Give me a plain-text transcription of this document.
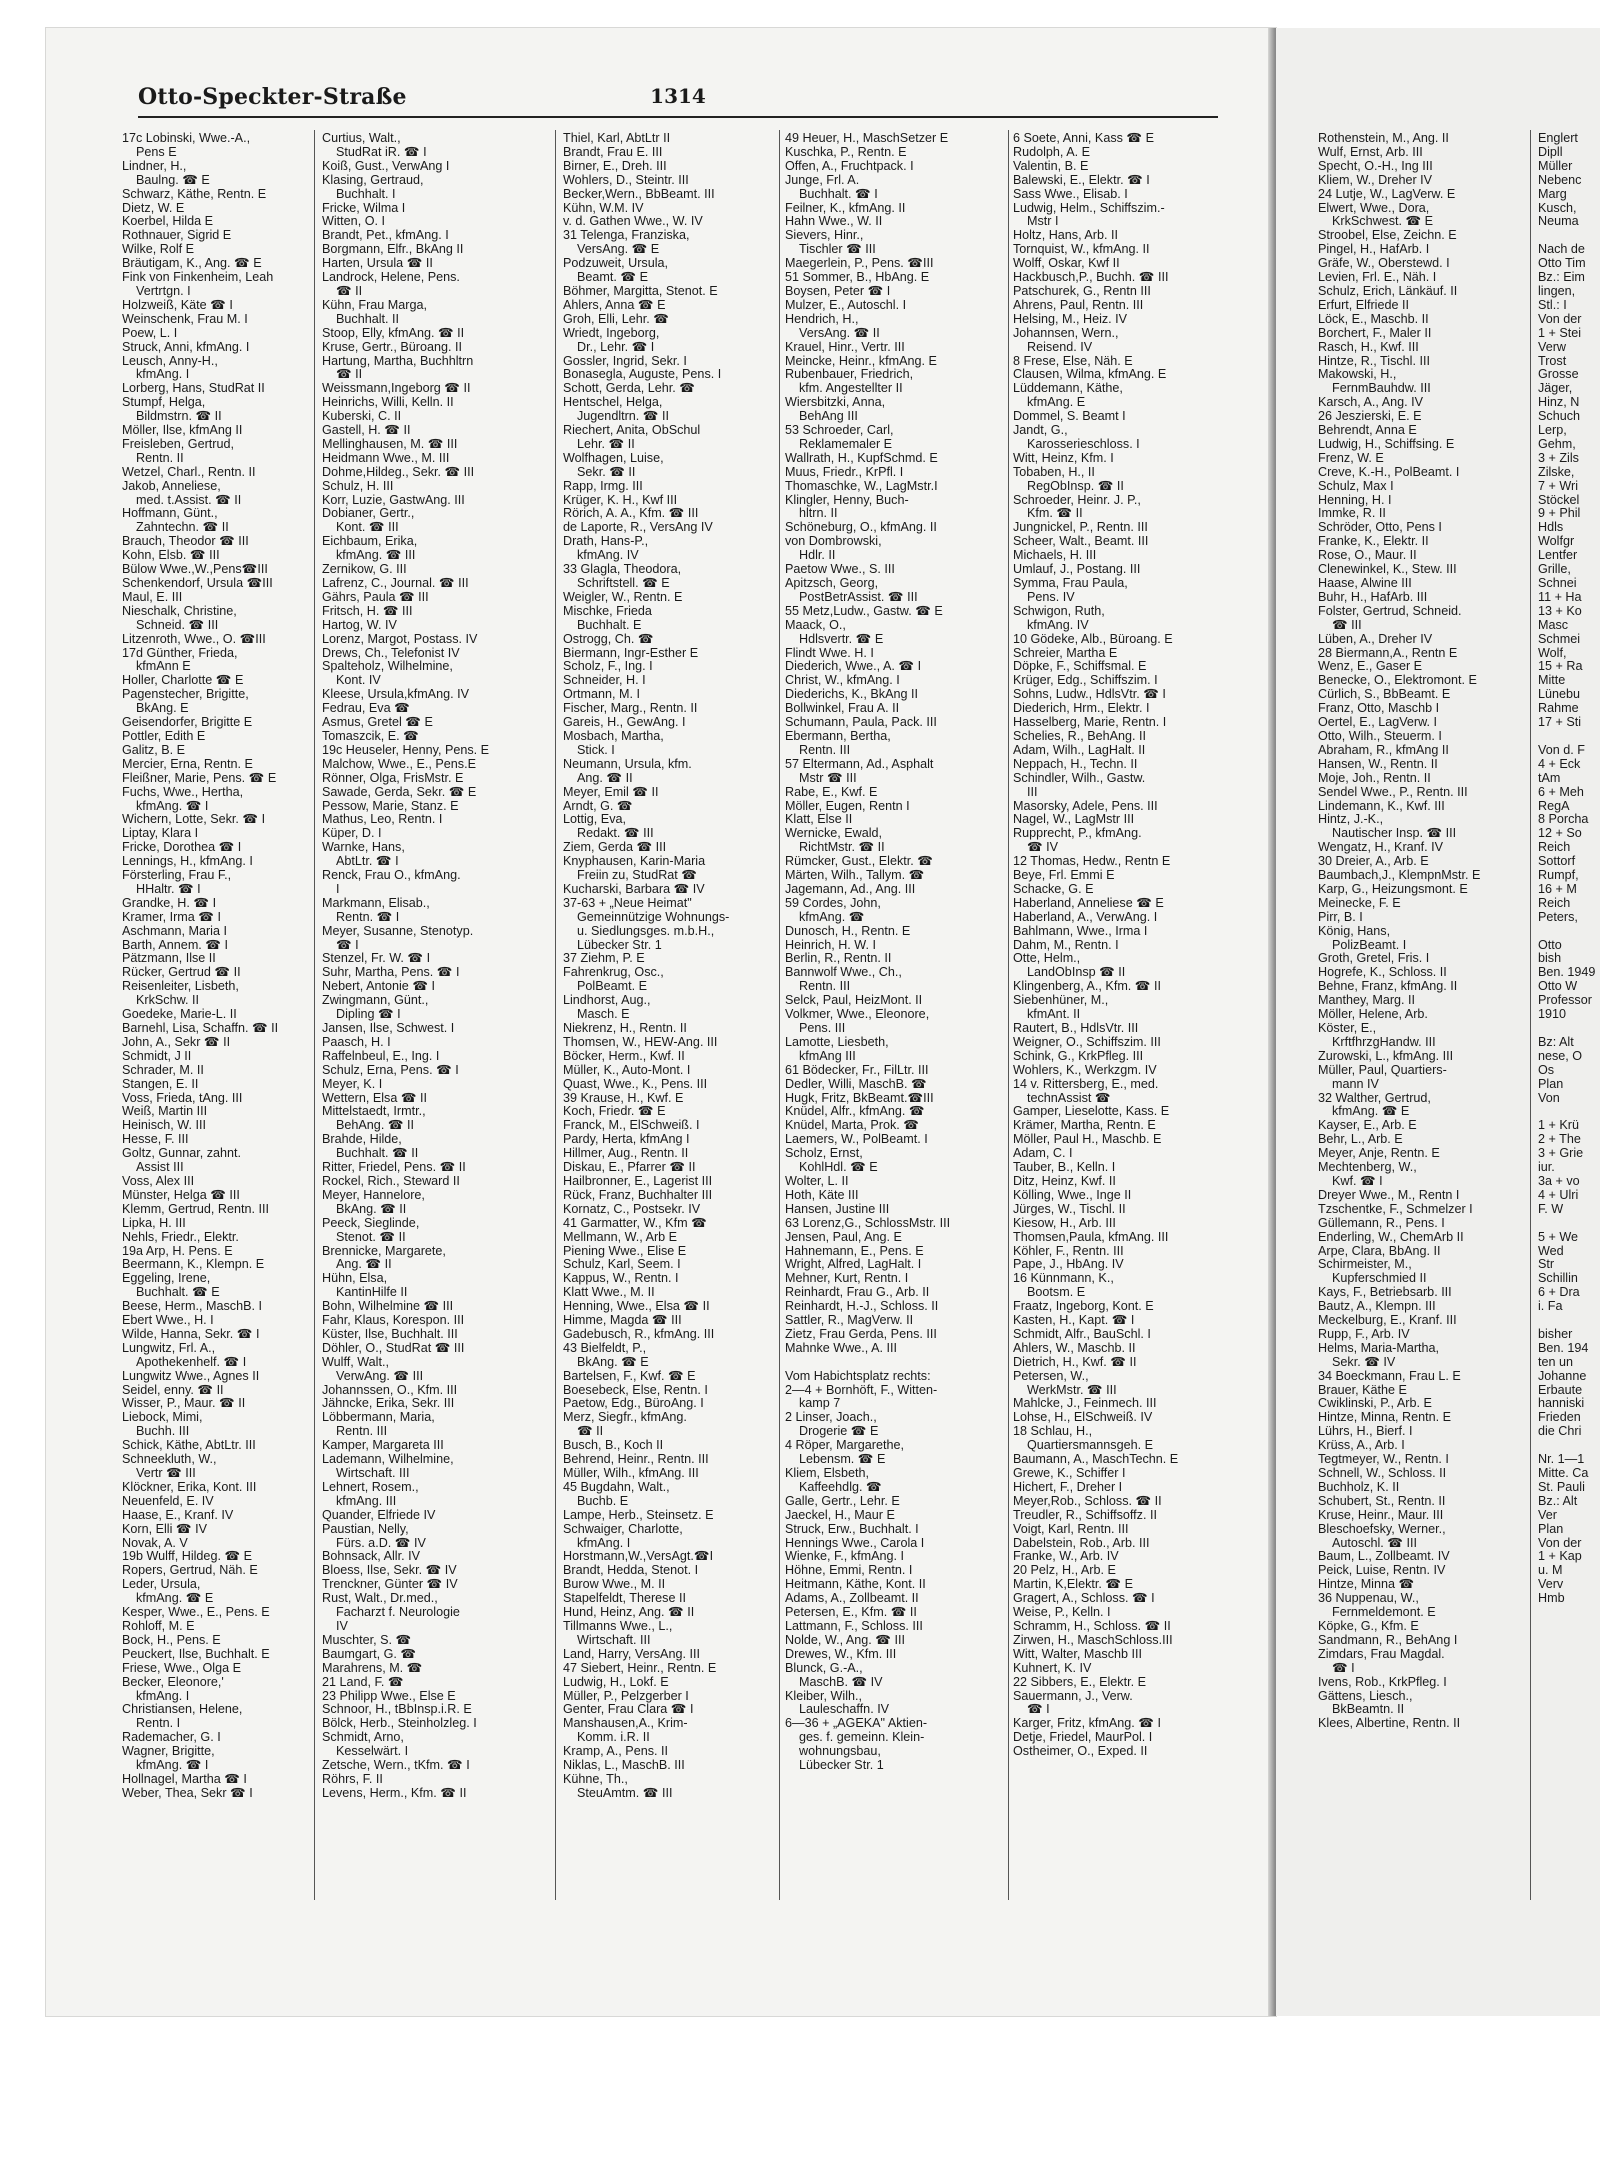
Otto-Speckter-Straße	1314
17c Lobinski, Wwe.-A.,
Pens E
Lindner, H.,
Baulng. ☎ E
Schwarz, Käthe, Rentn. E
Dietz, W. E
Koerbel, Hilda E
Rothnauer, Sigrid E
Wilke, Rolf E
Bräutigam, K., Ang. ☎ E
Fink von Finkenheim, Leah
Vertrtgn. I
Holzweiß, Käte ☎ I
Weinschenk, Frau M. I
Poew, L. I
Struck, Anni, kfmAng. I
Leusch, Anny-H.,
kfmAng. I
Lorberg, Hans, StudRat II
Stumpf, Helga,
Bildmstrn. ☎ II
Möller, Ilse, kfmAng II
Freisleben, Gertrud,
Rentn. II
Wetzel, Charl., Rentn. II
Jakob, Anneliese,
med. t.Assist. ☎ II
Hoffmann, Günt.,
Zahntechn. ☎ II
Brauch, Theodor ☎ III
Kohn, Elsb. ☎ III
Bülow Wwe.,W.,Pens☎III
Schenkendorf, Ursula ☎III
Maul, E. III
Nieschalk, Christine,
Schneid. ☎ III
Litzenroth, Wwe., O. ☎III
17d Günther, Frieda,
kfmAnn E
Holler, Charlotte ☎ E
Pagenstecher, Brigitte,
BkAng. E
Geisendorfer, Brigitte E
Pottler, Edith E
Galitz, B. E
Mercier, Erna, Rentn. E
Fleißner, Marie, Pens. ☎ E
Fuchs, Wwe., Hertha,
kfmAng. ☎ I
Wichern, Lotte, Sekr. ☎ I
Liptay, Klara I
Fricke, Dorothea ☎ I
Lennings, H., kfmAng. I
Försterling, Frau F.,
HHaltr. ☎ I
Grandke, H. ☎ I
Kramer, Irma ☎ I
Aschmann, Maria I
Barth, Annem. ☎ I
Pätzmann, Ilse II
Rücker, Gertrud ☎ II
Reisenleiter, Lisbeth,
KrkSchw. II
Goedeke, Marie-L. II
Barnehl, Lisa, Schaffn. ☎ II
John, A., Sekr ☎ II
Schmidt, J II
Schrader, M. II
Stangen, E. II
Voss, Frieda, tAng. III
Weiß, Martin III
Heinisch, W. III
Hesse, F. III
Goltz, Gunnar, zahnt.
Assist III
Voss, Alex III
Münster, Helga ☎ III
Klemm, Gertrud, Rentn. III
Lipka, H. III
Nehls, Friedr., Elektr.
19a Arp, H. Pens. E
Beermann, K., Klempn. E
Eggeling, Irene,
Buchhalt. ☎ E
Beese, Herm., MaschB. I
Ebert Wwe., H. I
Wilde, Hanna, Sekr. ☎ I
Lungwitz, Frl. A.,
Apothekenhelf. ☎ I
Lungwitz Wwe., Agnes II
Seidel, enny. ☎ II
Wisser, P., Maur. ☎ II
Liebock, Mimi,
Buchh. III
Schick, Käthe, AbtLtr. III
Schneekluth, W.,
Vertr ☎ III
Klöckner, Erika, Kont. III
Neuenfeld, E. IV
Haase, E., Kranf. IV
Korn, Elli ☎ IV
Novak, A. V
19b Wulff, Hildeg. ☎ E
Ropers, Gertrud, Näh. E
Leder, Ursula,
kfmAng. ☎ E
Kesper, Wwe., E., Pens. E
Rohloff, M. E
Bock, H., Pens. E
Peuckert, Ilse, Buchhalt. E
Friese, Wwe., Olga E
Becker, Eleonore,'
kfmAng. I
Christiansen, Helene,
Rentn. I
Rademacher, G. I
Wagner, Brigitte,
kfmAng. ☎ I
Hollnagel, Martha ☎ I
Weber, Thea, Sekr ☎ I
Curtius, Walt.,
StudRat iR. ☎ I
Koiß, Gust., VerwAng I
Klasing, Gertraud,
Buchhalt. I
Fricke, Wilma I
Witten, O. I
Brandt, Pet., kfmAng. I
Borgmann, Elfr., BkAng II
Harten, Ursula ☎ II
Landrock, Helene, Pens.
☎ II
Kühn, Frau Marga,
Buchhalt. II
Stoop, Elly, kfmAng. ☎ II
Kruse, Gertr., Büroang. II
Hartung, Martha, Buchhltrn
☎ II
Weissmann,Ingeborg ☎ II
Heinrichs, Willi, Kelln. II
Kuberski, C. II
Gastell, H. ☎ II
Mellinghausen, M. ☎ III
Heidmann Wwe., M. III
Dohme,Hildeg., Sekr. ☎ III
Schulz, H. III
Korr, Luzie, GastwAng. III
Dobianer, Gertr.,
Kont. ☎ III
Eichbaum, Erika,
kfmAng. ☎ III
Zernikow, G. III
Lafrenz, C., Journal. ☎ III
Gährs, Paula ☎ III
Fritsch, H. ☎ III
Hartog, W. IV
Lorenz, Margot, Postass. IV
Drews, Ch., Telefonist IV
Spalteholz, Wilhelmine,
Kont. IV
Kleese, Ursula,kfmAng. IV
Fedrau, Eva ☎
Asmus, Gretel ☎ E
Tomaszcik, E. ☎
19c Heuseler, Henny, Pens. E
Malchow, Wwe., E., Pens.E
Rönner, Olga, FrisMstr. E
Sawade, Gerda, Sekr. ☎ E
Pessow, Marie, Stanz. E
Mathus, Leo, Rentn. I
Küper, D. I
Warnke, Hans,
AbtLtr. ☎ I
Renck, Frau O., kfmAng.
I
Markmann, Elisab.,
Rentn. ☎ I
Meyer, Susanne, Stenotyp.
☎ I
Stenzel, Fr. W. ☎ I
Suhr, Martha, Pens. ☎ I
Nebert, Antonie ☎ I
Zwingmann, Günt.,
Dipling ☎ I
Jansen, Ilse, Schwest. I
Paasch, H. I
Raffelnbeul, E., Ing. I
Schulz, Erna, Pens. ☎ I
Meyer, K. I
Wettern, Elsa ☎ II
Mittelstaedt, Irmtr.,
BehAng. ☎ II
Brahde, Hilde,
Buchhalt. ☎ II
Ritter, Friedel, Pens. ☎ II
Rockel, Rich., Steward II
Meyer, Hannelore,
BkAng. ☎ II
Peeck, Sieglinde,
Stenot. ☎ II
Brennicke, Margarete,
Ang. ☎ II
Hühn, Elsa,
KantinHilfe II
Bohn, Wilhelmine ☎ III
Fahr, Klaus, Korespon. III
Küster, Ilse, Buchhalt. III
Döhler, O., StudRat ☎ III
Wulff, Walt.,
VerwAng. ☎ III
Johannssen, O., Kfm. III
Jähncke, Erika, Sekr. III
Löbbermann, Maria,
Rentn. III
Kamper, Margareta III
Lademann, Wilhelmine,
Wirtschaft. III
Lehnert, Rosem.,
kfmAng. III
Quander, Elfriede IV
Paustian, Nelly,
Fürs. a.D. ☎ IV
Bohnsack, Allr. IV
Bloess, Ilse, Sekr. ☎ IV
Trenckner, Günter ☎ IV
Rust, Walt., Dr.med.,
Facharzt f. Neurologie
IV
Muschter, S. ☎
Baumgart, G. ☎
Marahrens, M. ☎
21 Land, F. ☎
23 Philipp Wwe., Else E
Schnoor, H., tBbInsp.i.R. E
Bölck, Herb., Steinholzleg. I
Schmidt, Arno,
Kesselwärt. I
Zetsche, Wern., tKfm. ☎ I
Röhrs, F. II
Levens, Herm., Kfm. ☎ II
Thiel, Karl, AbtLtr II
Brandt, Frau E. III
Birner, E., Dreh. III
Wohlers, D., Steintr. III
Becker,Wern., BbBeamt. III
Kühn, W.M. IV
v. d. Gathen Wwe., W. IV
31 Telenga, Franziska,
VersAng. ☎ E
Podzuweit, Ursula,
Beamt. ☎ E
Böhmer, Margitta, Stenot. E
Ahlers, Anna ☎ E
Groh, Elli, Lehr. ☎
Wriedt, Ingeborg,
Dr., Lehr. ☎ I
Gossler, Ingrid, Sekr. I
Bonasegla, Auguste, Pens. I
Schott, Gerda, Lehr. ☎
Hentschel, Helga,
Jugendltrn. ☎ II
Riechert, Anita, ObSchul
Lehr. ☎ II
Wolfhagen, Luise,
Sekr. ☎ II
Rapp, Irmg. III
Krüger, K. H., Kwf III
Rörich, A. A., Kfm. ☎ III
de Laporte, R., VersAng IV
Drath, Hans-P.,
kfmAng. IV
33 Glagla, Theodora,
Schriftstell. ☎ E
Weigler, W., Rentn. E
Mischke, Frieda
Buchhalt. E
Ostrogg, Ch. ☎
Biermann, Ingr-Esther E
Scholz, F., Ing. I
Schneider, H. I
Ortmann, M. I
Fischer, Marg., Rentn. II
Gareis, H., GewAng. I
Mosbach, Martha,
Stick. I
Neumann, Ursula, kfm.
Ang. ☎ II
Meyer, Emil ☎ II
Arndt, G. ☎
Lottig, Eva,
Redakt. ☎ III
Ziem, Gerda ☎ III
Knyphausen, Karin-Maria
Freiin zu, StudRat ☎
Kucharski, Barbara ☎ IV
37-63 + „Neue Heimat"
Gemeinnützige Wohnungs-
u. Siedlungsges. m.b.H.,
Lübecker Str. 1
37 Ziehm, P. E
Fahrenkrug, Osc.,
PolBeamt. E
Lindhorst, Aug.,
Masch. E
Niekrenz, H., Rentn. II
Thomsen, W., HEW-Ang. III
Böcker, Herm., Kwf. II
Müller, K., Auto-Mont. I
Quast, Wwe., K., Pens. III
39 Krause, H., Kwf. E
Koch, Friedr. ☎ E
Franck, M., ElSchweiß. I
Pardy, Herta, kfmAng I
Hillmer, Aug., Rentn. II
Diskau, E., Pfarrer ☎ II
Hailbronner, E., Lagerist III
Rück, Franz, Buchhalter III
Kornatz, C., Postsekr. IV
41 Garmatter, W., Kfm ☎
Mellmann, W., Arb E
Piening Wwe., Elise E
Schulz, Karl, Seem. I
Kappus, W., Rentn. I
Klatt Wwe., M. II
Henning, Wwe., Elsa ☎ II
Himme, Magda ☎ III
Gadebusch, R., kfmAng. III
43 Bielfeldt, P.,
BkAng. ☎ E
Bartelsen, F., Kwf. ☎ E
Boesebeck, Else, Rentn. I
Paetow, Edg., BüroAng. I
Merz, Siegfr., kfmAng.
☎ II
Busch, B., Koch II
Behrend, Heinr., Rentn. III
Müller, Wilh., kfmAng. III
45 Bugdahn, Walt.,
Buchb. E
Lampe, Herb., Steinsetz. E
Schwaiger, Charlotte,
kfmAng. I
Horstmann,W.,VersAgt.☎I
Brandt, Hedda, Stenot. I
Burow Wwe., M. II
Stapelfeldt, Therese II
Hund, Heinz, Ang. ☎ II
Tillmanns Wwe., L.,
Wirtschaft. III
Land, Harry, VersAng. III
47 Siebert, Heinr., Rentn. E
Ludwig, H., Lokf. E
Müller, P., Pelzgerber I
Genter, Frau Clara ☎ I
Manshausen,A., Krim-
Komm. i.R. II
Kramp, A., Pens. II
Niklas, L., MaschB. III
Kühne, Th.,
SteuAmtm. ☎ III
49 Heuer, H., MaschSetzer E
Kuschka, P., Rentn. E
Offen, A., Fruchtpack. I
Junge, Frl. A.
Buchhalt. ☎ I
Feilner, K., kfmAng. II
Hahn Wwe., W. II
Sievers, Hinr.,
Tischler ☎ III
Maegerlein, P., Pens. ☎III
51 Sommer, B., HbAng. E
Boysen, Peter ☎ I
Mulzer, E., Autoschl. I
Hendrich, H.,
VersAng. ☎ II
Krauel, Hinr., Vertr. III
Meincke, Heinr., kfmAng. E
Rubenbauer, Friedrich,
kfm. Angestellter II
Wiersbitzki, Anna,
BehAng III
53 Schroeder, Carl,
Reklamemaler E
Wallrath, H., KupfSchmd. E
Muus, Friedr., KrPfl. I
Thomaschke, W., LagMstr.I
Klingler, Henny, Buch-
hltrn. II
Schöneburg, O., kfmAng. II
von Dombrowski,
Hdlr. II
Paetow Wwe., S. III
Apitzsch, Georg,
PostBetrAssist. ☎ III
55 Metz,Ludw., Gastw. ☎ E
Maack, O.,
Hdlsvertr. ☎ E
Flindt Wwe. H. I
Diederich, Wwe., A. ☎ I
Christ, W., kfmAng. I
Diederichs, K., BkAng II
Bollwinkel, Frau A. II
Schumann, Paula, Pack. III
Ebermann, Bertha,
Rentn. III
57 Eltermann, Ad., Asphalt
Mstr ☎ III
Rabe, E., Kwf. E
Möller, Eugen, Rentn I
Klatt, Else II
Wernicke, Ewald,
RichtMstr. ☎ II
Rümcker, Gust., Elektr. ☎
Märten, Wilh., Tallym. ☎
Jagemann, Ad., Ang. III
59 Cordes, John,
kfmAng. ☎
Dunosch, H., Rentn. E
Heinrich, H. W. I
Berlin, R., Rentn. II
Bannwolf Wwe., Ch.,
Rentn. III
Selck, Paul, HeizMont. II
Volkmer, Wwe., Eleonore,
Pens. III
Lamotte, Liesbeth,
kfmAng III
61 Bödecker, Fr., FilLtr. III
Dedler, Willi, MaschB. ☎
Hugk, Fritz, BkBeamt.☎III
Knüdel, Alfr., kfmAng. ☎
Knüdel, Marta, Prok. ☎
Laemers, W., PolBeamt. I
Scholz, Ernst,
KohlHdl. ☎ E
Wolter, L. II
Hoth, Käte III
Hansen, Justine III
63 Lorenz,G., SchlossMstr. III
Jensen, Paul, Ang. E
Hahnemann, E., Pens. E
Wright, Alfred, LagHalt. I
Mehner, Kurt, Rentn. I
Reinhardt, Frau G., Arb. II
Reinhardt, H.-J., Schloss. II
Sattler, R., MagVerw. II
Zietz, Frau Gerda, Pens. III
Mahnke Wwe., A. III

Vom Habichtsplatz rechts:
2—4 + Bornhöft, F., Witten-
kamp 7
2 Linser, Joach.,
Drogerie ☎ E
4 Röper, Margarethe,
Lebensm. ☎ E
Kliem, Elsbeth,
Kaffeehdlg. ☎
Galle, Gertr., Lehr. E
Jaeckel, H., Maur E
Struck, Erw., Buchhalt. I
Hennings Wwe., Carola I
Wienke, F., kfmAng. I
Höhne, Emmi, Rentn. I
Heitmann, Käthe, Kont. II
Adams, A., Zollbeamt. II
Petersen, E., Kfm. ☎ II
Lattmann, F., Schloss. III
Nolde, W., Ang. ☎ III
Drewes, W., Kfm. III
Blunck, G.-A.,
MaschB. ☎ IV
Kleiber, Wilh.,
Lauleschaffn. IV
6—36 + „AGEKA" Aktien-
ges. f. gemeinn. Klein-
wohnungsbau,
Lübecker Str. 1
6 Soete, Anni, Kass ☎ E
Rudolph, A. E
Valentin, B. E
Balewski, E., Elektr. ☎ I
Sass Wwe., Elisab. I
Ludwig, Helm., Schiffszim.-
Mstr I
Holtz, Hans, Arb. II
Tornquist, W., kfmAng. II
Wolff, Oskar, Kwf II
Hackbusch,P., Buchh. ☎ III
Patschurek, G., Rentn III
Ahrens, Paul, Rentn. III
Helsing, M., Heiz. IV
Johannsen, Wern.,
Reisend. IV
8 Frese, Else, Näh. E
Clausen, Wilma, kfmAng. E
Lüddemann, Käthe,
kfmAng. E
Dommel, S. Beamt I
Jandt, G.,
Karosserieschloss. I
Witt, Heinz, Kfm. I
Tobaben, H., II
RegObInsp. ☎ II
Schroeder, Heinr. J. P.,
Kfm. ☎ II
Jungnickel, P., Rentn. III
Scheer, Walt., Beamt. III
Michaels, H. III
Umlauf, J., Postang. III
Symma, Frau Paula,
Pens. IV
Schwigon, Ruth,
kfmAng. IV
10 Gödeke, Alb., Büroang. E
Schreier, Martha E
Döpke, F., Schiffsmal. E
Krüger, Edg., Schiffszim. I
Sohns, Ludw., HdlsVtr. ☎ I
Diederich, Hrm., Elektr. I
Hasselberg, Marie, Rentn. I
Schelies, R., BehAng. II
Adam, Wilh., LagHalt. II
Neppach, H., Techn. II
Schindler, Wilh., Gastw.
III
Masorsky, Adele, Pens. III
Nagel, W., LagMstr III
Rupprecht, P., kfmAng.
☎ IV
12 Thomas, Hedw., Rentn E
Beye, Frl. Emmi E
Schacke, G. E
Haberland, Anneliese ☎ E
Haberland, A., VerwAng. I
Bahlmann, Wwe., Irma I
Dahm, M., Rentn. I
Otte, Helm.,
LandObInsp ☎ II
Klingenberg, A., Kfm. ☎ II
Siebenhüner, M.,
kfmAnt. II
Rautert, B., HdlsVtr. III
Weigner, O., Schiffszim. III
Schink, G., KrkPfleg. III
Wohlers, K., Werkzgm. IV
14 v. Rittersberg, E., med.
technAssist ☎
Gamper, Lieselotte, Kass. E
Krämer, Martha, Rentn. E
Möller, Paul H., Maschb. E
Adam, C. I
Tauber, B., Kelln. I
Ditz, Heinz, Kwf. II
Kölling, Wwe., Inge II
Jürges, W., Tischl. II
Kiesow, H., Arb. III
Thomsen,Paula, kfmAng. III
Köhler, F., Rentn. III
Pape, J., HbAng. IV
16 Künnmann, K.,
Bootsm. E
Fraatz, Ingeborg, Kont. E
Kasten, H., Kapt. ☎ I
Schmidt, Alfr., BauSchl. I
Ahlers, W., Maschb. II
Dietrich, H., Kwf. ☎ II
Petersen, W.,
WerkMstr. ☎ III
Mahlcke, J., Feinmech. III
Lohse, H., ElSchweiß. IV
18 Schlau, H.,
Quartiersmannsgeh. E
Baumann, A., MaschTechn. E
Grewe, K., Schiffer I
Hichert, F., Dreher I
Meyer,Rob., Schloss. ☎ II
Treudler, R., Schiffsoffz. II
Voigt, Karl, Rentn. III
Dabelstein, Rob., Arb. III
Franke, W., Arb. IV
20 Pelz, H., Arb. E
Martin, K,Elektr. ☎ E
Gragert, A., Schloss. ☎ I
Weise, P., Kelln. I
Schramm, H., Schloss. ☎ II
Zirwen, H., MaschSchloss.III
Witt, Walter, Maschb III
Kuhnert, K. IV
22 Sibbers, E., Elektr. E
Sauermann, J., Verw.
☎ I
Karger, Fritz, kfmAng. ☎ I
Detje, Friedel, MaurPol. I
Ostheimer, O., Exped. II
Rothenstein, M., Ang. II
Wulf, Ernst, Arb. III
Specht, O.-H., Ing III
Kliem, W., Dreher IV
24 Lutje, W., LagVerw. E
Elwert, Wwe., Dora,
KrkSchwest. ☎ E
Stroobel, Else, Zeichn. E
Pingel, H., HafArb. I
Gräfe, W., Oberstewd. I
Levien, Frl. E., Näh. I
Schulz, Erich, Länkäuf. II
Erfurt, Elfriede II
Löck, E., Maschb. II
Borchert, F., Maler II
Rasch, H., Kwf. III
Hintze, R., Tischl. III
Makowski, H.,
FernmBauhdw. III
Karsch, A., Ang. IV
26 Jeszierski, E. E
Behrendt, Anna E
Ludwig, H., Schiffsing. E
Frenz, W. E
Creve, K.-H., PolBeamt. I
Schulz, Max I
Henning, H. I
Immke, R. II
Schröder, Otto, Pens I
Franke, K., Elektr. II
Rose, O., Maur. II
Clenewinkel, K., Stew. III
Haase, Alwine III
Buhr, H., HafArb. III
Folster, Gertrud, Schneid.
☎ III
Lüben, A., Dreher IV
28 Biermann,A., Rentn E
Wenz, E., Gaser E
Benecke, O., Elektromont. E
Cürlich, S., BbBeamt. E
Franz, Otto, Maschb I
Oertel, E., LagVerw. I
Otto, Wilh., Steuerm. I
Abraham, R., kfmAng II
Hansen, W., Rentn. II
Moje, Joh., Rentn. II
Sendel Wwe., P., Rentn. III
Lindemann, K., Kwf. III
Hintz, J.-K.,
Nautischer Insp. ☎ III
Wengatz, H., Kranf. IV
30 Dreier, A., Arb. E
Baumbach,J., KlempnMstr. E
Karp, G., Heizungsmont. E
Meinecke, F. E
Pirr, B. I
König, Hans,
PolizBeamt. I
Groth, Gretel, Fris. I
Hogrefe, K., Schloss. II
Behne, Franz, kfmAng. II
Manthey, Marg. II
Möller, Helene, Arb.
Köster, E.,
KrftfhrzgHandw. III
Zurowski, L., kfmAng. III
Müller, Paul, Quartiers-
mann IV
32 Walther, Gertrud,
kfmAng. ☎ E
Kayser, E., Arb. E
Behr, L., Arb. E
Meyer, Anje, Rentn. E
Mechtenberg, W.,
Kwf. ☎ I
Dreyer Wwe., M., Rentn I
Tzschentke, F., Schmelzer I
Güllemann, R., Pens. I
Enderling, W., ChemArb II
Arpe, Clara, BbAng. II
Schirmeister, M.,
Kupferschmied II
Kays, F., Betriebsarb. III
Bautz, A., Klempn. III
Meckelburg, E., Kranf. III
Rupp, F., Arb. IV
Helms, Maria-Martha,
Sekr. ☎ IV
34 Boeckmann, Frau L. E
Brauer, Käthe E
Cwiklinski, P., Arb. E
Hintze, Minna, Rentn. E
Lührs, H., Bierf. I
Krüss, A., Arb. I
Tegtmeyer, W., Rentn. I
Schnell, W., Schloss. II
Buchholz, K. II
Schubert, St., Rentn. II
Kruse, Heinr., Maur. III
Bleschoefsky, Werner.,
Autoschl. ☎ III
Baum, L., Zollbeamt. IV
Peick, Luise, Rentn. IV
Hintze, Minna ☎
36 Nuppenau, W.,
Fernmeldemont. E
Köpke, G., Kfm. E
Sandmann, R., BehAng I
Zimdars, Frau Magdal.
☎ I
Ivens, Rob., KrkPfleg. I
Gättens, Liesch.,
BkBeamtn. II
Klees, Albertine, Rentn. II
Englert
Dipll
Müller
Nebenc
Marg
Kusch,
Neuma

Nach de
Otto Tim
Bz.: Eim
lingen,
Stl.: I
Von der
1 + Stei
Verw
Trost
Grosse
Jäger,
Hinz, N
Schuch
Lerp,
Gehm,
3 + Zils
Zilske,
7 + Wri
Stöckel
9 + Phil
Hdls
Wolfgr
Lentfer
Grille,
Schnei
11 + Ha
13 + Ko
Masc
Schmei
Wolf,
15 + Ra
Mitte
Lünebu
Rahme
17 + Sti

Von d. F
4 + Eck
tAm
6 + Meh
RegA
8 Porcha
12 + So
Reich
Sottorf
Rumpf,
16 + M
Reich
Peters,

Otto
bish
Ben. 1949
Otto W
Professor
1910

Bz: Alt
nese, O
Os
Plan
Von

1 + Krü
2 + The
3 + Grie
iur.
3a + vo
4 + Ulri
F. W

5 + We
Wed
Str
Schillin
6 + Dra
i. Fa

bisher
Ben. 194
ten un
Johanne
Erbaute
hanniski
Frieden
die Chri

Nr. 1—1
Mitte. Ca
St. Pauli
Bz.: Alt
Ver
Plan
Von der
1 + Kap
u. M
Verv
Hmb
